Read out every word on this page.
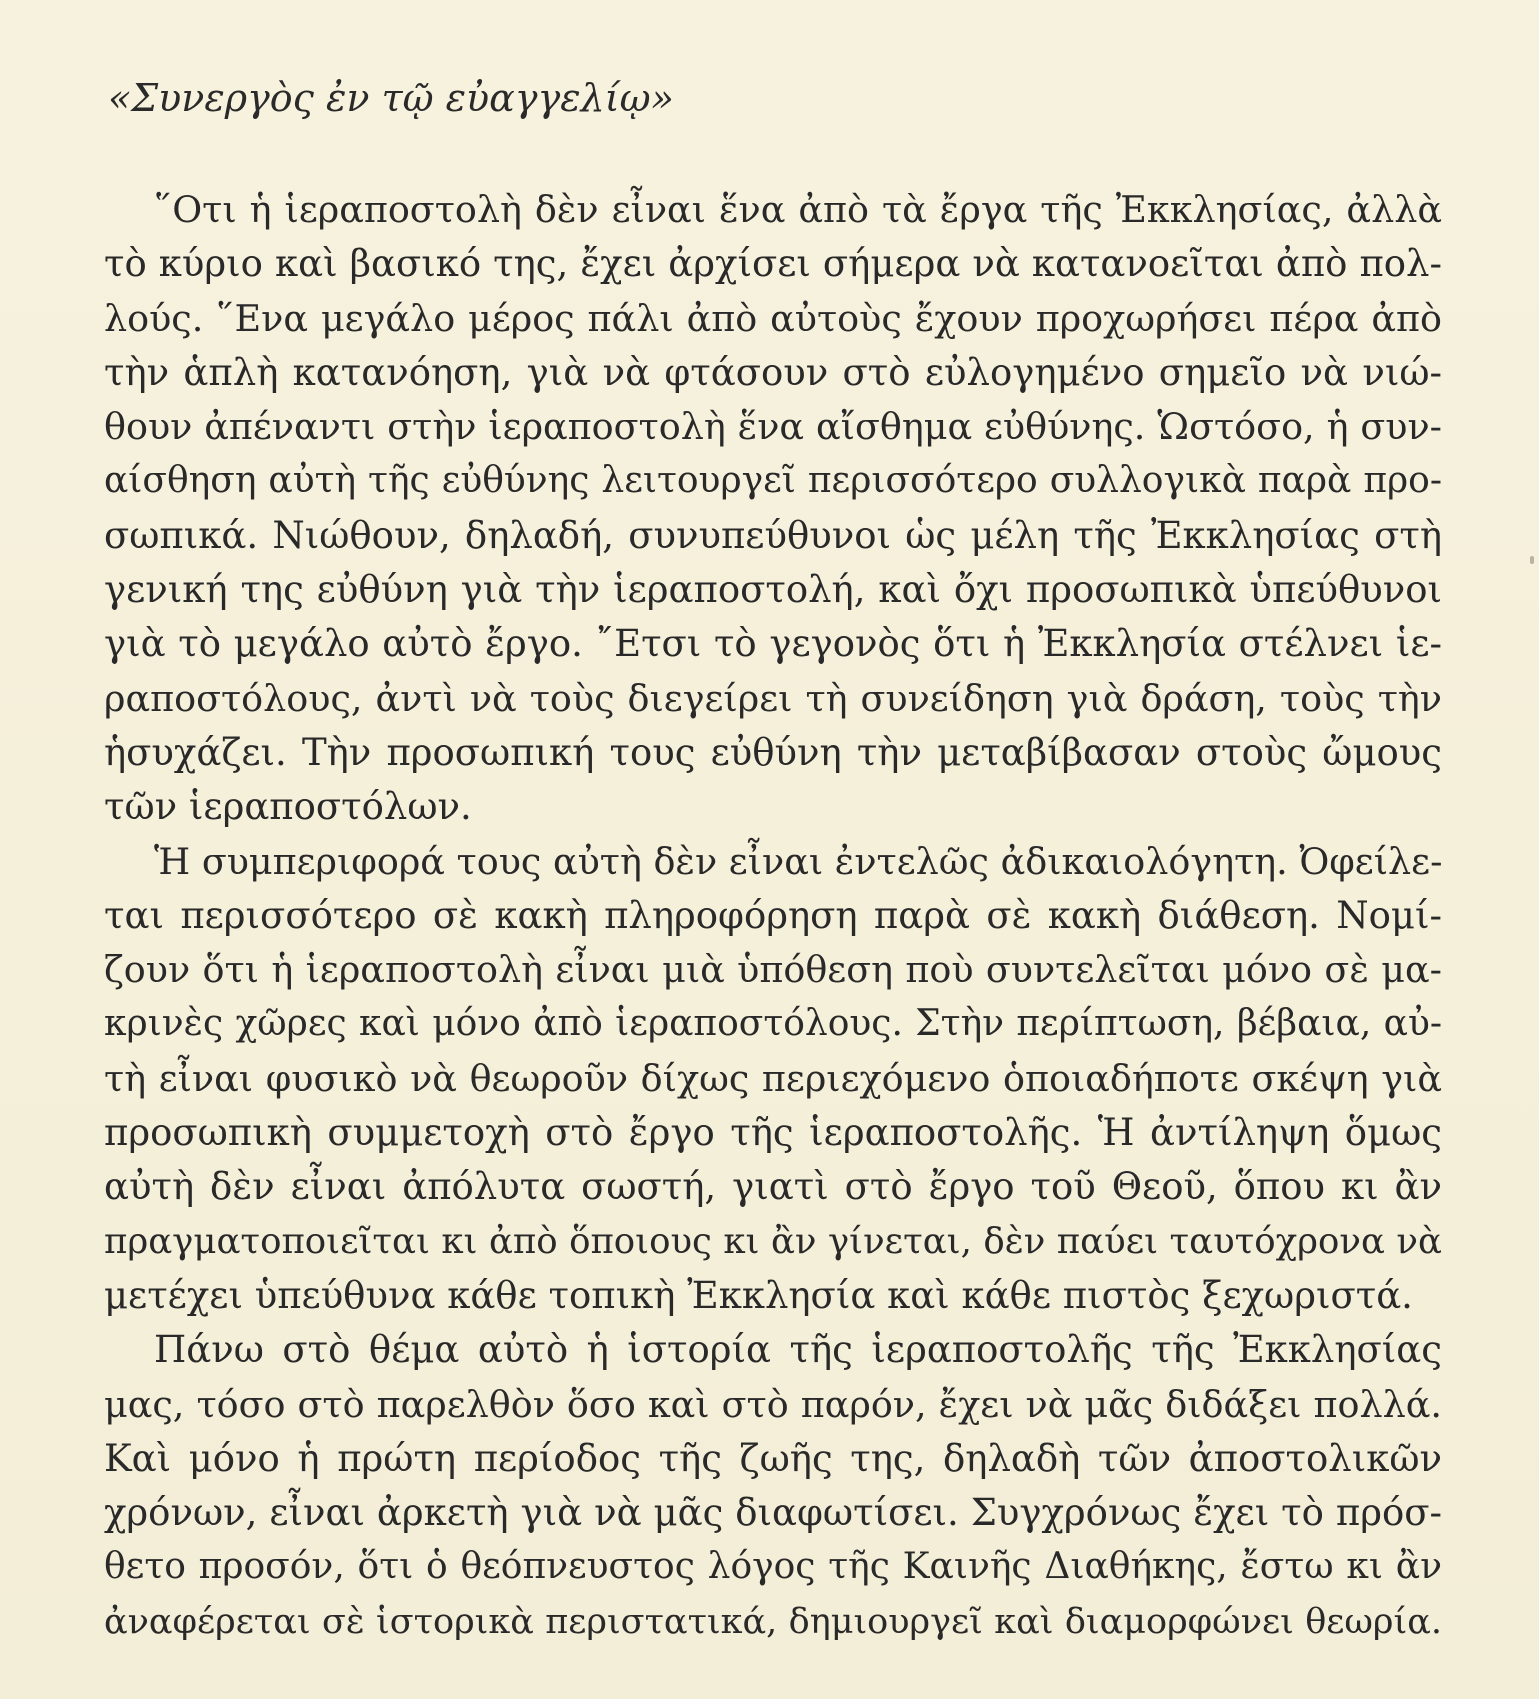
«Συνεργὸς ἐν τῷ εὐαγγελίῳ»
῞Οτι ἡ ἱεραποστολὴ δὲν εἶναι ἕνα ἀπὸ τὰ ἔργα τῆς Ἐκκλησίας, ἀλλὰ
τὸ κύριο καὶ βασικό της, ἔχει ἀρχίσει σήμερα νὰ κατανοεῖται ἀπὸ πολ-
λούς. ῞Ενα μεγάλο μέρος πάλι ἀπὸ αὐτοὺς ἔχουν προχωρήσει πέρα ἀπὸ
τὴν ἁπλὴ κατανόηση, γιὰ νὰ φτάσουν στὸ εὐλογημένο σημεῖο νὰ νιώ-
θουν ἀπέναντι στὴν ἱεραποστολὴ ἕνα αἴσθημα εὐθύνης. Ὡστόσο, ἡ συν-
αίσθηση αὐτὴ τῆς εὐθύνης λειτουργεῖ περισσότερο συλλογικὰ παρὰ προ-
σωπικά. Νιώθουν, δηλαδή, συνυπεύθυνοι ὡς μέλη τῆς Ἐκκλησίας στὴ
γενική της εὐθύνη γιὰ τὴν ἱεραποστολή, καὶ ὄχι προσωπικὰ ὑπεύθυνοι
γιὰ τὸ μεγάλο αὐτὸ ἔργο. ῎Ετσι τὸ γεγονὸς ὅτι ἡ Ἐκκλησία στέλνει ἱε-
ραποστόλους, ἀντὶ νὰ τοὺς διεγείρει τὴ συνείδηση γιὰ δράση, τοὺς τὴν
ἡσυχάζει. Τὴν προσωπική τους εὐθύνη τὴν μεταβίβασαν στοὺς ὤμους
τῶν ἱεραποστόλων.
Ἡ συμπεριφορά τους αὐτὴ δὲν εἶναι ἐντελῶς ἀδικαιολόγητη. Ὀφείλε-
ται περισσότερο σὲ κακὴ πληροφόρηση παρὰ σὲ κακὴ διάθεση. Νομί-
ζουν ὅτι ἡ ἱεραποστολὴ εἶναι μιὰ ὑπόθεση ποὺ συντελεῖται μόνο σὲ μα-
κρινὲς χῶρες καὶ μόνο ἀπὸ ἱεραποστόλους. Στὴν περίπτωση, βέβαια, αὐ-
τὴ εἶναι φυσικὸ νὰ θεωροῦν δίχως περιεχόμενο ὁποιαδήποτε σκέψη γιὰ
προσωπικὴ συμμετοχὴ στὸ ἔργο τῆς ἱεραποστολῆς. Ἡ ἀντίληψη ὅμως
αὐτὴ δὲν εἶναι ἀπόλυτα σωστή, γιατὶ στὸ ἔργο τοῦ Θεοῦ, ὅπου κι ἂν
πραγματοποιεῖται κι ἀπὸ ὅποιους κι ἂν γίνεται, δὲν παύει ταυτόχρονα νὰ
μετέχει ὑπεύθυνα κάθε τοπικὴ Ἐκκλησία καὶ κάθε πιστὸς ξεχωριστά.
Πάνω στὸ θέμα αὐτὸ ἡ ἱστορία τῆς ἱεραποστολῆς τῆς Ἐκκλησίας
μας, τόσο στὸ παρελθὸν ὅσο καὶ στὸ παρόν, ἔχει νὰ μᾶς διδάξει πολλά.
Καὶ μόνο ἡ πρώτη περίοδος τῆς ζωῆς της, δηλαδὴ τῶν ἀποστολικῶν
χρόνων, εἶναι ἀρκετὴ γιὰ νὰ μᾶς διαφωτίσει. Συγχρόνως ἔχει τὸ πρόσ-
θετο προσόν, ὅτι ὁ θεόπνευστος λόγος τῆς Καινῆς Διαθήκης, ἔστω κι ἂν
ἀναφέρεται σὲ ἱστορικὰ περιστατικά, δημιουργεῖ καὶ διαμορφώνει θεωρία.
